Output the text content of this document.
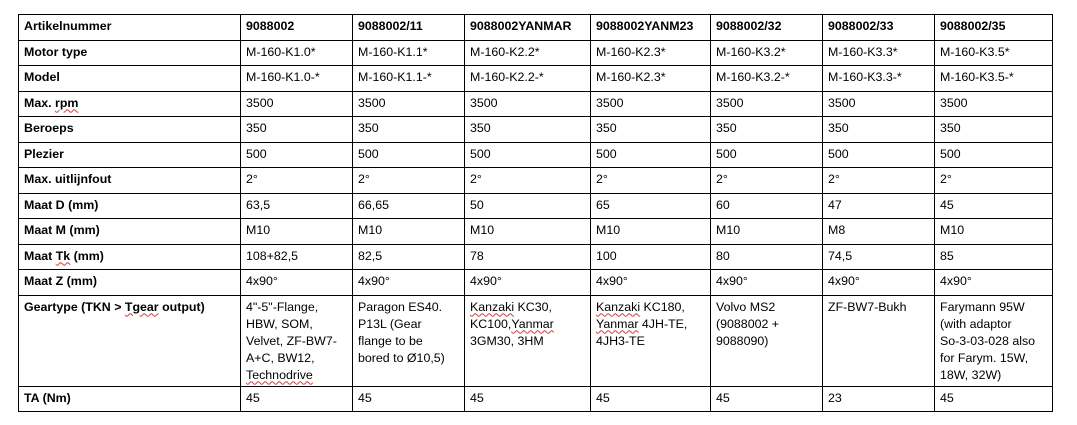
Artikelnummer	9088002	9088002/11	9088002YANMAR	9088002YANM23	9088002/32	9088002/33	9088002/35
Motor type	M-160-K1.0*	M-160-K1.1*	M-160-K2.2*	M-160-K2.3*	M-160-K3.2*	M-160-K3.3*	M-160-K3.5*
Model	M-160-K1.0-*	M-160-K1.1-*	M-160-K2.2-*	M-160-K2.3*	M-160-K3.2-*	M-160-K3.3-*	M-160-K3.5-*
Max. rpm	3500	3500	3500	3500	3500	3500	3500
Beroeps	350	350	350	350	350	350	350
Plezier	500	500	500	500	500	500	500
Max. uitlijnfout	2°	2°	2°	2°	2°	2°	2°
Maat D (mm)	63,5	66,65	50	65	60	47	45
Maat M (mm)	M10	M10	M10	M10	M10	M8	M10
Maat Tk (mm)	108+82,5	82,5	78	100	80	74,5	85
Maat Z (mm)	4x90°	4x90°	4x90°	4x90°	4x90°	4x90°	4x90°
Geartype (TKN > Tgear output)	4"-5"-Flange,
HBW, SOM,
Velvet, ZF-BW7-
A+C, BW12,
Technodrive	Paragon ES40.
P13L (Gear
flange to be
bored to Ø10,5)	Kanzaki KC30,
KC100,Yanmar
3GM30, 3HM	Kanzaki KC180,
Yanmar 4JH-TE,
4JH3-TE	Volvo MS2
(9088002 +
9088090)	ZF-BW7-Bukh	Farymann 95W
(with adaptor
So-3-03-028 also
for Farym. 15W,
18W, 32W)
TA (Nm)	45	45	45	45	45	23	45
